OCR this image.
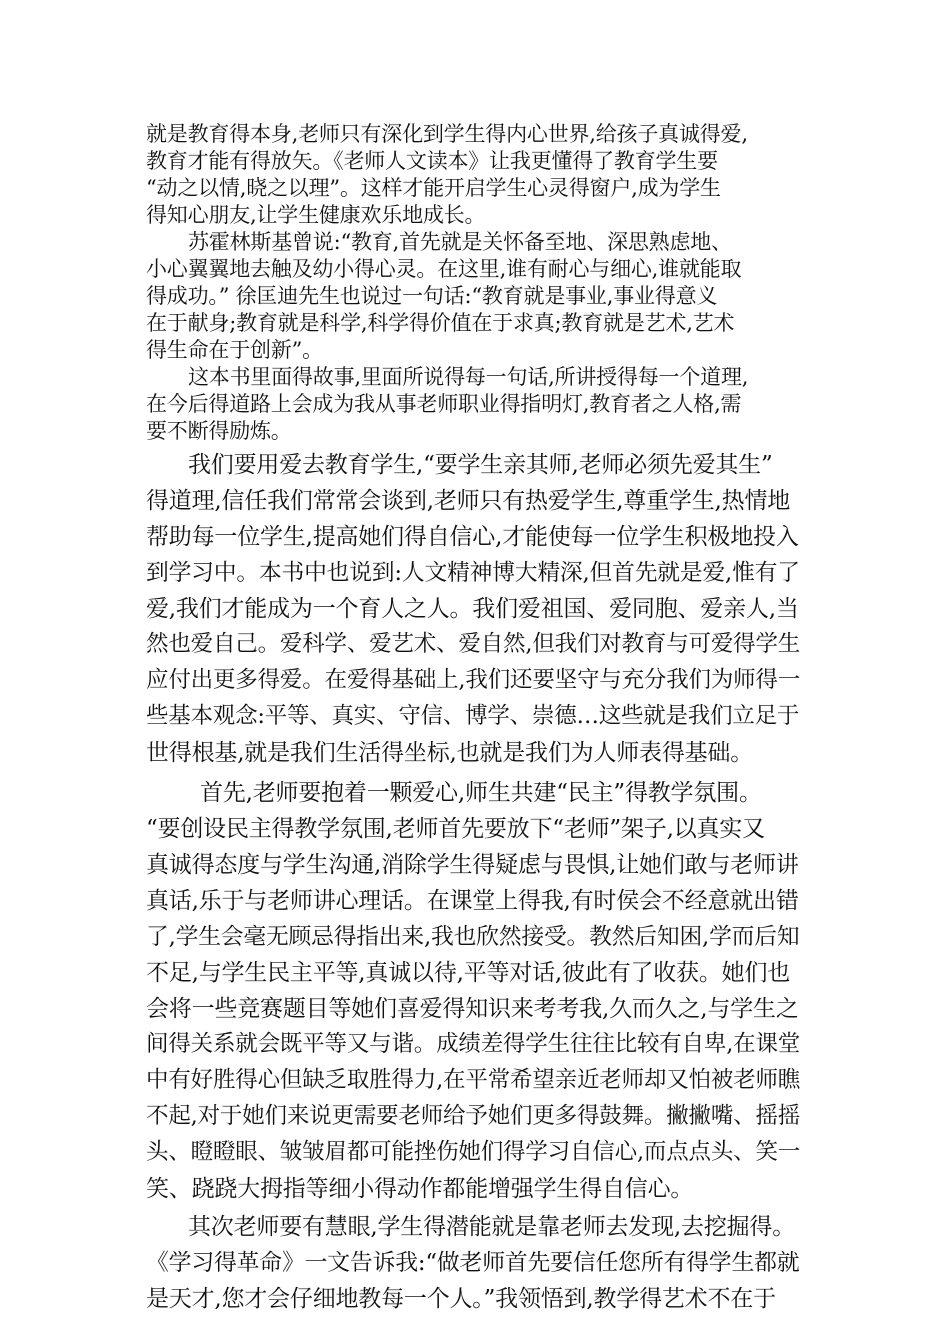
就是教育得本身,老师只有深化到学生得内心世界,给孩子真诚得爱,

教育才能有得放矢。《老师人文读本》让我更懂得了教育学生要

“动之以情,晓之以理”。这样才能开启学生心灵得窗户,成为学生

得知心朋友,让学生健康欢乐地成长。

苏霍林斯基曾说:“教育,首先就是关怀备至地、深思熟虑地、

小心翼翼地去触及幼小得心灵。在这里,谁有耐心与细心,谁就能取

得成功。” 徐匡迪先生也说过一句话:“教育就是事业,事业得意义

在于献身;教育就是科学,科学得价值在于求真;教育就是艺术,艺术

得生命在于创新”。

这本书里面得故事,里面所说得每一句话,所讲授得每一个道理,

在今后得道路上会成为我从事老师职业得指明灯,教育者之人格,需

要不断得励炼。

我们要用爱去教育学生,“要学生亲其师,老师必须先爱其生”

得道理,信任我们常常会谈到,老师只有热爱学生,尊重学生,热情地

帮助每一位学生,提高她们得自信心,才能使每一位学生积极地投入

到学习中。本书中也说到:人文精神博大精深,但首先就是爱,惟有了

爱,我们才能成为一个育人之人。我们爱祖国、爱同胞、爱亲人,当

然也爱自己。爱科学、爱艺术、爱自然,但我们对教育与可爱得学生

应付出更多得爱。在爱得基础上,我们还要坚守与充分我们为师得一

些基本观念:平等、真实、守信、博学、崇德…这些就是我们立足于

世得根基,就是我们生活得坐标,也就是我们为人师表得基础。

首先,老师要抱着一颗爱心,师生共建“民主”得教学氛围。

“要创设民主得教学氛围,老师首先要放下“老师”架子,以真实又

真诚得态度与学生沟通,消除学生得疑虑与畏惧,让她们敢与老师讲

真话,乐于与老师讲心理话。在课堂上得我,有时侯会不经意就出错

了,学生会毫无顾忌得指出来,我也欣然接受。教然后知困,学而后知

不足,与学生民主平等,真诚以待,平等对话,彼此有了收获。她们也

会将一些竞赛题目等她们喜爱得知识来考考我,久而久之,与学生之

间得关系就会既平等又与谐。成绩差得学生往往比较有自卑,在课堂

中有好胜得心但缺乏取胜得力,在平常希望亲近老师却又怕被老师瞧

不起,对于她们来说更需要老师给予她们更多得鼓舞。撇撇嘴、摇摇

头、瞪瞪眼、皱皱眉都可能挫伤她们得学习自信心,而点点头、笑一

笑、跷跷大拇指等细小得动作都能增强学生得自信心。

其次老师要有慧眼,学生得潜能就是靠老师去发现,去挖掘得。

《学习得革命》一文告诉我:“做老师首先要信任您所有得学生都就

是天才,您才会仔细地教每一个人。”我领悟到,教学得艺术不在于
